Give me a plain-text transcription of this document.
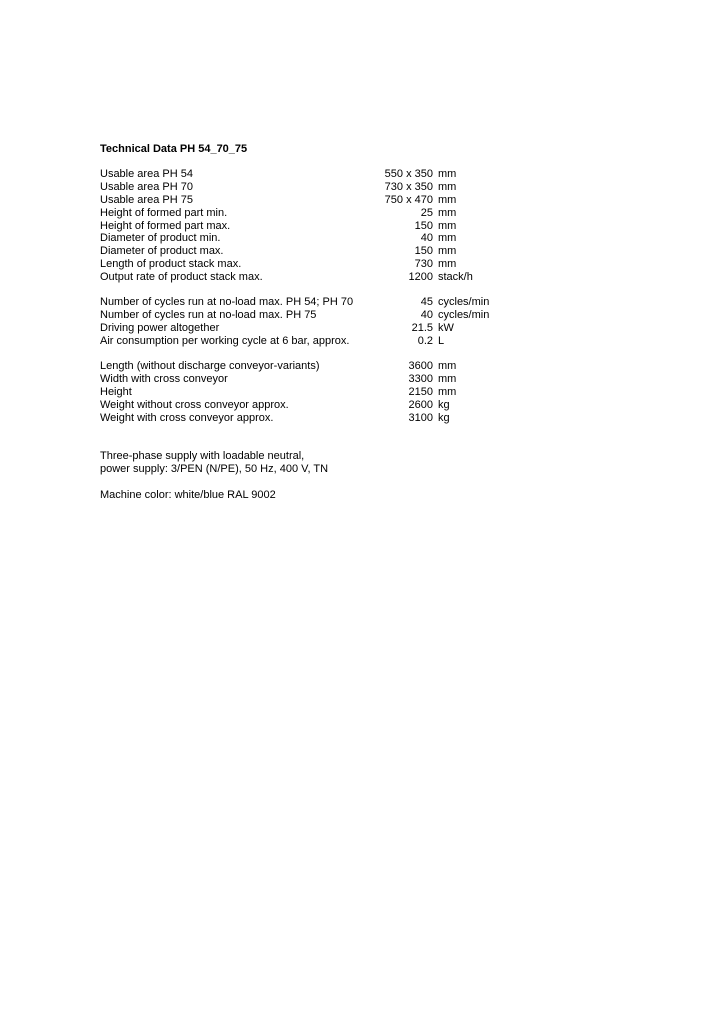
Technical Data PH 54_70_75
Usable area PH 54	550 x 350 mm
Usable area PH 70	730 x 350 mm
Usable area PH 75	750 x 470 mm
Height of formed part min.	25 mm
Height of formed part max.	150 mm
Diameter of product min.	40 mm
Diameter of product max.	150 mm
Length of product stack max.	730 mm
Output rate of product stack max.	1200 stack/h
Number of cycles run at no-load max. PH 54; PH 70	45 cycles/min
Number of cycles run at no-load max. PH 75	40 cycles/min
Driving power altogether	21.5 kW
Air consumption per working cycle at 6 bar, approx.	0.2 L
Length (without discharge conveyor-variants)	3600 mm
Width with cross conveyor	3300 mm
Height	2150 mm
Weight without cross conveyor approx.	2600 kg
Weight with cross conveyor approx.	3100 kg
Three-phase supply with loadable neutral,
power supply: 3/PEN (N/PE), 50 Hz, 400 V, TN
Machine color: white/blue RAL 9002
